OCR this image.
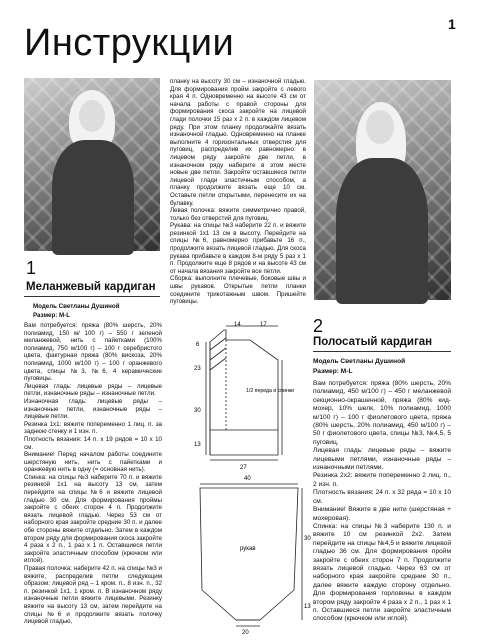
Инструкции	1
1
Меланжевый кардиган
Модель Светланы Душиной
Размер: М-L

Вам потребуется: пряжа (80% шерсть, 20% полиамид, 150 м/ 100 г) – 550 г зеленой меланжевой, нить с пайетками (100% полиамид, 750 м/100 г) – 100 г серебристого цвета, фактурная пряжа (80% вискоза, 20% полиамид, 1000 м/100 г) – 100 г оранжевого цвета, спицы №3, №6, 4 керамические пуговицы.

Лицевая гладь: лицевые ряды – лицевые петли, изнаночные ряды – изнаночные петли.

Изнаночная гладь: лицевые ряды – изнаночные петли, изнаночные ряды – лицевые петли.

Резинка 1х1: вяжите попеременно 1 лиц. п. за заднюю стенку и 1 изн. п.

Плотность вязания: 14 п. х 19 рядов = 10 х 10 см.

Внимание! Перед началом работы соедините шерстяную нить, нить с пайетками и оранжевую нить в одну (= основная нить).

Спинка: на спицы №3 наберите 70 п. и вяжите резинкой 1х1 на высоту 13 см, затем перейдите на спицы №6 и вяжите лицевой гладью 30 см. Для формирования проймы закройте с обеих сторон 4 п. Продолжите вязать лицевой гладью. Через 53 см от наборного края закройте средние 30 п. и далее обе стороны вяжите отдельно. Затем в каждом втором ряду для формирования скоса закройте 4 раза х 2 п., 1 раз х 1 п. Оставшиеся петли закройте эластичным способом (крючком или иглой).

Правая полочка: наберите 42 п. на спицы №3 и вяжите, распределив петли следующим образом: лицевой ряд – 1 кром. п., 8 изн. п., 32 п. резинкой 1х1, 1 кром. п. В изнаночном ряду изнаночные петли вяжите лицевыми. Резинку вяжите на высоту 13 см, затем перейдите на спицы №6 и продолжите вязать полочку лицевой гладью,

планку на высоту 30 см – изнаночной гладью. Для формирования пройм закройте с левого края 4 п. Одновременно на высоте 43 см от начала работы с правой стороны для формирования скоса закройте на лицевой глади полочки 15 раз х 2 п. в каждом лицевом ряду. При этом планку продолжайте вязать изнаночной гладью. Одновременно на планке выполните 4 горизонтальных отверстия для пуговиц, распределив их равномерно: в лицевом ряду закройте две петли, в изнаночном ряду наберите в этом месте новые две петли. Закройте оставшиеся петли лицевой глади эластичным способом, а планку продолжите вязать еще 10 см. Оставьте петли открытыми, перенесите их на булавку.

Левая полочка: вяжите симметрично правой, только без отверстий для пуговиц.

Рукава: на спицы №3 наберите 22 п. и вяжите резинкой 1х1 13 см в высоту. Перейдите на спицы №6, равномерно прибавьте 16 п., продолжите вязать лицевой гладью. Для скоса рукава прибавьте в каждом 8-м ряду 5 раз х 1 п. Продолжите еще 8 рядов и на высоте 43 см от начала вязания закройте все петли.

Сборка: выполните плечевые, боковые швы и швы рукавов. Открытые петли планки соедините трикотажным швом. Пришейте пуговицы.

14	17
6
23
30
13
1/2 переда и спинки
27
40
30
13
рукав
20
2
Полосатый кардиган
Модель Светланы Душиной
Размер: М-L

Вам потребуется: пряжа (80% шерсть, 20% полиамид, 450 м/100 г) – 450 г меланжевой секционно-окрашенной, пряжа (80% кид-мохер, 10% шелк, 10% полиамид, 1000 м/100 г) – 100 г фиолетового цвета, пряжа (80% шерсть, 20% полиамид, 450 м/100 г) – 50 г фиолетового цвета, спицы №3, №4,5, 5 пуговиц.

Лицевая гладь: лицевые ряды – вяжите лицевыми петлями, изнаночные ряды – изнаночными петлями.

Резинка 2х2: вяжите попеременно 2 лиц. п., 2 изн. п.

Плотность вязания: 24 п. х 32 ряда = 10 х 10 см.

Внимание! Вяжите в две нити (шерстяная + мохеровая).

Спинка: на спицы №3 наберите 130 п. и вяжите 10 см резинкой 2х2. Затем перейдите на спицы №4,5 и вяжите лицевой гладью 36 см. Для формирования пройм закройте с обеих сторон 7 п. Продолжите вязать лицевой гладью. Через 63 см от наборного края закройте средние 30 п., далее вяжите каждую сторону отдельно. Для формирования горловины в каждом втором ряду закройте 4 раза х 2 п., 1 раз х 1 п. Оставшиеся петли закройте эластичным способом (крючком или иглой).
